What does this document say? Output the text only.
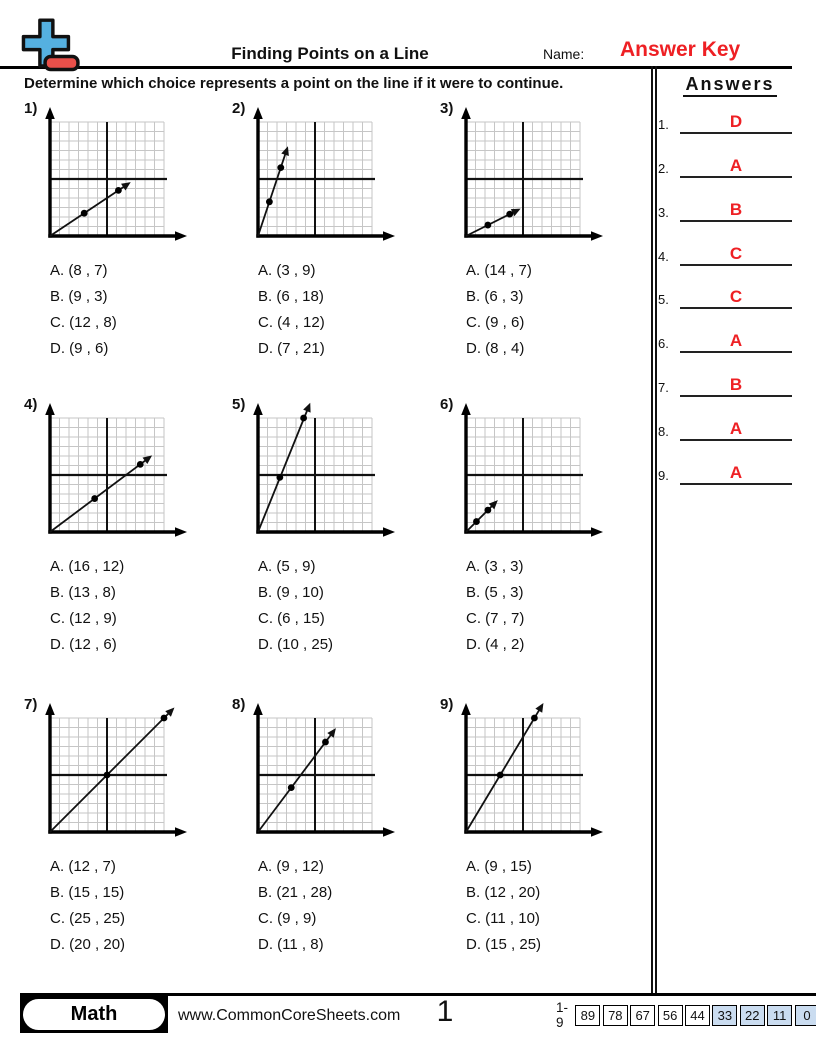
Finding Points on a Line	Name: Answer Key
Determine which choice represents a point on the line if it were to continue.	Answers
1.	D
2.	A
3.	B
4.	C
5.	C
6.	A
7.	B
8.	A
9.	A
1)
A. (8 , 7)
B. (9 , 3)
C. (12 , 8)
D. (9 , 6)
2)
A. (3 , 9)
B. (6 , 18)
C. (4 , 12)
D. (7 , 21)
3)
A. (14 , 7)
B. (6 , 3)
C. (9 , 6)
D. (8 , 4)
4)
A. (16 , 12)
B. (13 , 8)
C. (12 , 9)
D. (12 , 6)
5)
A. (5 , 9)
B. (9 , 10)
C. (6 , 15)
D. (10 , 25)
6)
A. (3 , 3)
B. (5 , 3)
C. (7 , 7)
D. (4 , 2)
7)
A. (12 , 7)
B. (15 , 15)
C. (25 , 25)
D. (20 , 20)
8)
A. (9 , 12)
B. (21 , 28)
C. (9 , 9)
D. (11 , 8)
9)
A. (9 , 15)
B. (12 , 20)
C. (11 , 10)
D. (15 , 25)
Math	www.CommonCoreSheets.com	1	1-9	89 78 67 56 44 33 22	11	0
